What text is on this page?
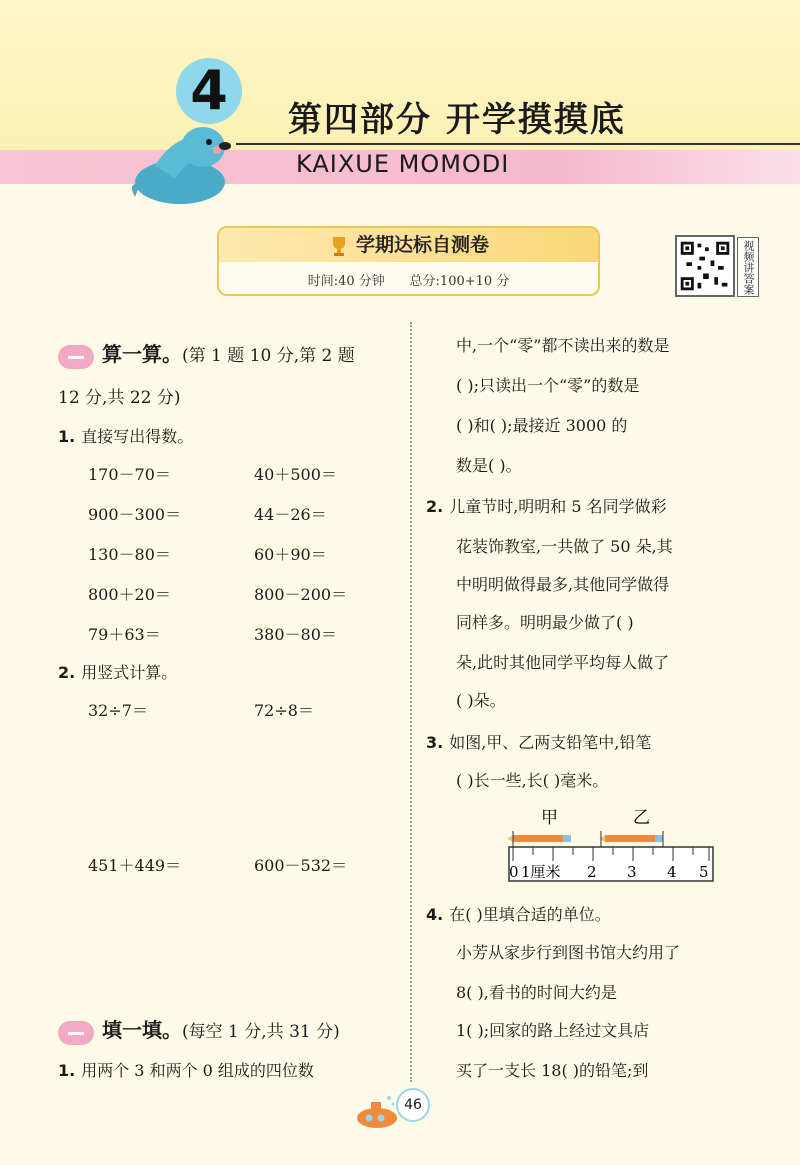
4	第四部分 开学摸摸底
KAIXUE MOMODI
学期达标自测卷
时间:40 分钟 总分:100+10 分	视频讲答案
算一算。(第 1 题 10 分,第 2 题
12 分,共 22 分)
1. 直接写出得数。
170－70＝	40＋500＝
900－300＝	44－26＝
130－80＝	60＋90＝
800＋20＝	800－200＝
79＋63＝	380－80＝
2. 用竖式计算。
32÷7＝	72÷8＝
451＋449＝	600－532＝
填一填。(每空 1 分,共 31 分)
1. 用两个 3 和两个 0 组成的四位数
中,一个“零”都不读出来的数是
( );只读出一个“零”的数是
( )和( );最接近 3000 的
数是( )。
2. 儿童节时,明明和 5 名同学做彩
花装饰教室,一共做了 50 朵,其
中明明做得最多,其他同学做得
同样多。明明最少做了( )
朵,此时其他同学平均每人做了
( )朵。
3. 如图,甲、乙两支铅笔中,铅笔
( )长一些,长( )毫米。
甲	乙
0 1厘米 2 3 4 5
4. 在( )里填合适的单位。
小芳从家步行到图书馆大约用了
8( ),看书的时间大约是
1( );回家的路上经过文具店
买了一支长 18( )的铅笔;到
46
